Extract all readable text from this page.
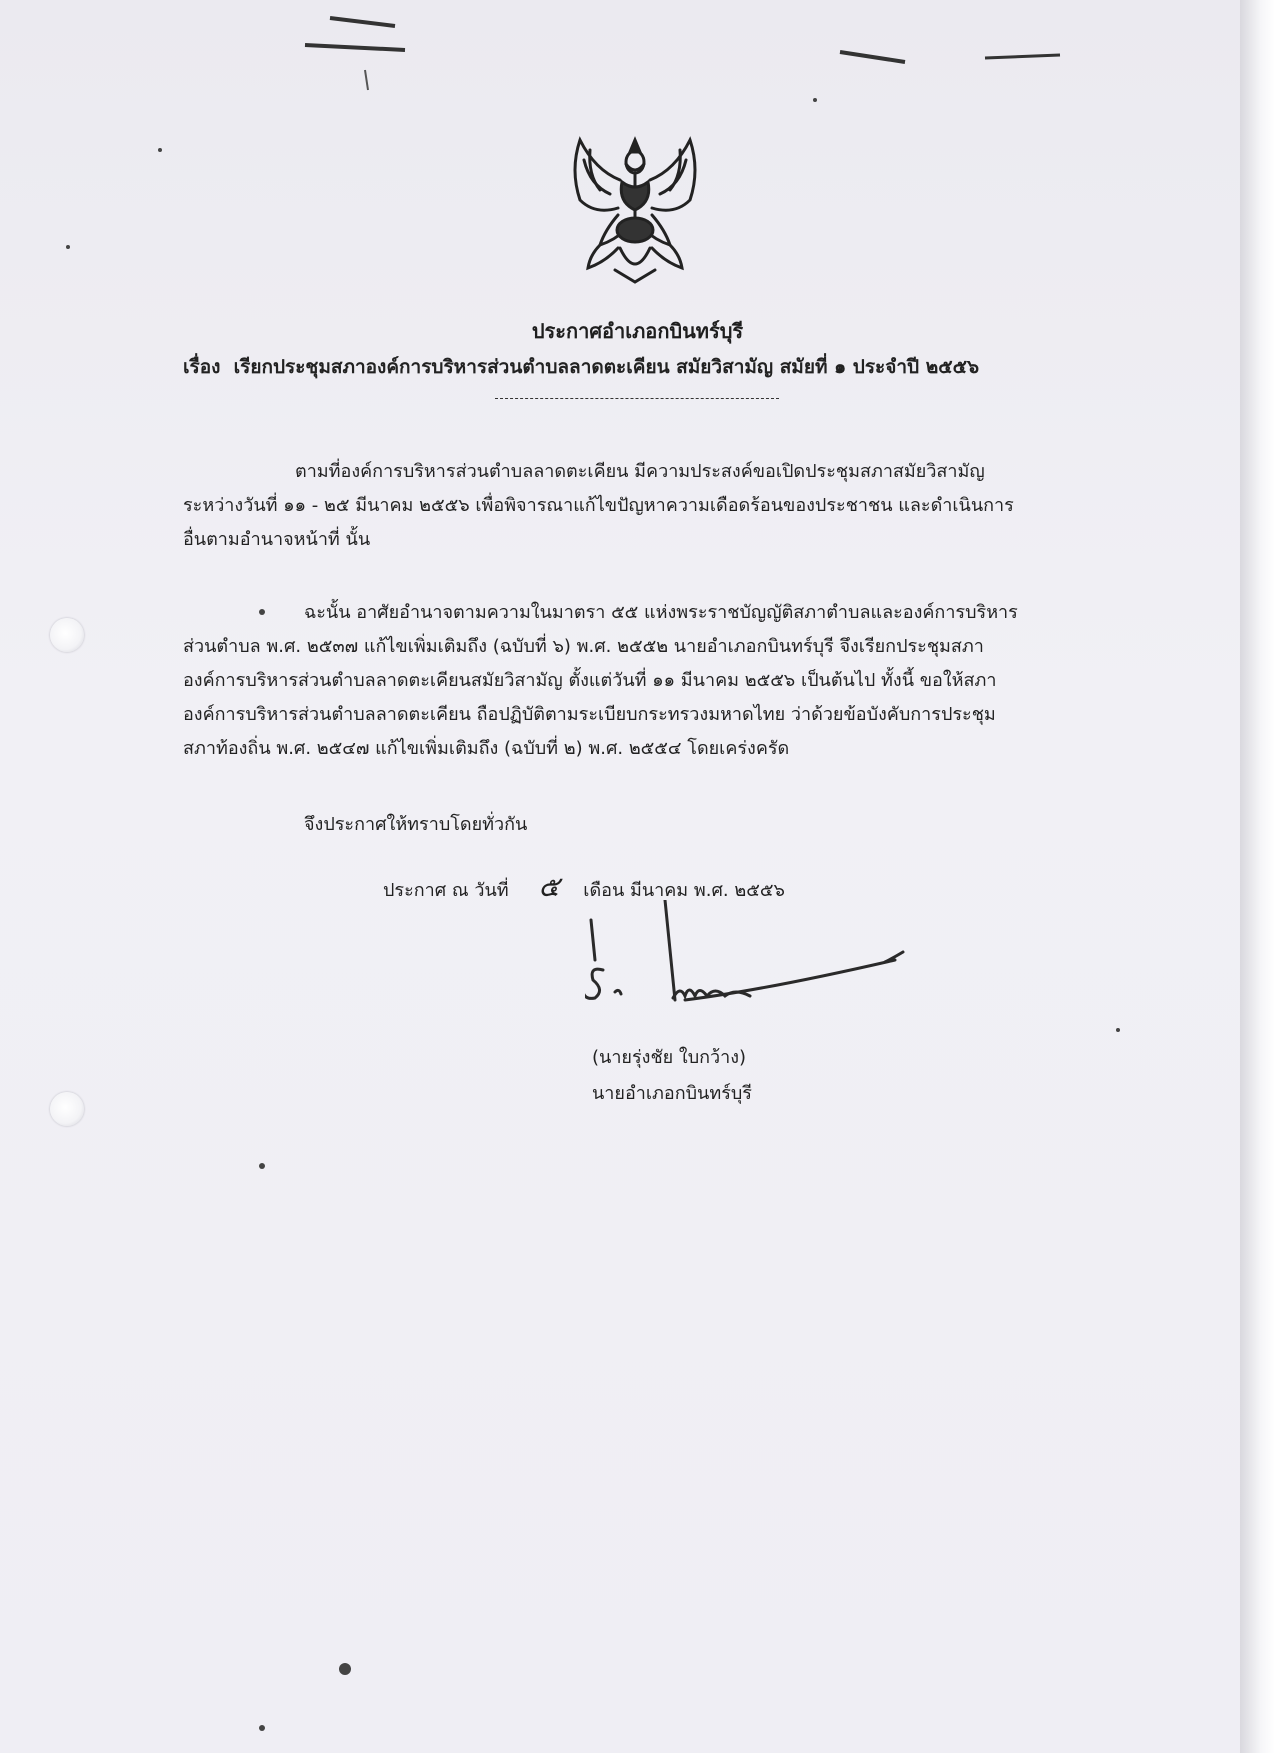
ประกาศอำเภอกบินทร์บุรี
เรื่อง เรียกประชุมสภาองค์การบริหารส่วนตำบลลาดตะเคียน สมัยวิสามัญ สมัยที่ ๑ ประจำปี ๒๕๕๖
ตามที่องค์การบริหารส่วนตำบลลาดตะเคียน มีความประสงค์ขอเปิดประชุมสภาสมัยวิสามัญ
ระหว่างวันที่ ๑๑ - ๒๕ มีนาคม ๒๕๕๖ เพื่อพิจารณาแก้ไขปัญหาความเดือดร้อนของประชาชน และดำเนินการ
อื่นตามอำนาจหน้าที่ นั้น
ฉะนั้น อาศัยอำนาจตามความในมาตรา ๕๕ แห่งพระราชบัญญัติสภาตำบลและองค์การบริหาร
ส่วนตำบล พ.ศ. ๒๕๓๗ แก้ไขเพิ่มเติมถึง (ฉบับที่ ๖) พ.ศ. ๒๕๕๒ นายอำเภอกบินทร์บุรี จึงเรียกประชุมสภา
องค์การบริหารส่วนตำบลลาดตะเคียนสมัยวิสามัญ ตั้งแต่วันที่ ๑๑ มีนาคม ๒๕๕๖ เป็นต้นไป ทั้งนี้ ขอให้สภา
องค์การบริหารส่วนตำบลลาดตะเคียน ถือปฏิบัติตามระเบียบกระทรวงมหาดไทย ว่าด้วยข้อบังคับการประชุม
สภาท้องถิ่น พ.ศ. ๒๕๔๗ แก้ไขเพิ่มเติมถึง (ฉบับที่ ๒) พ.ศ. ๒๕๕๔ โดยเคร่งครัด
จึงประกาศให้ทราบโดยทั่วกัน
ประกาศ ณ วันที่ ๕ เดือน มีนาคม พ.ศ. ๒๕๕๖
(นายรุ่งชัย ใบกว้าง)
นายอำเภอกบินทร์บุรี
